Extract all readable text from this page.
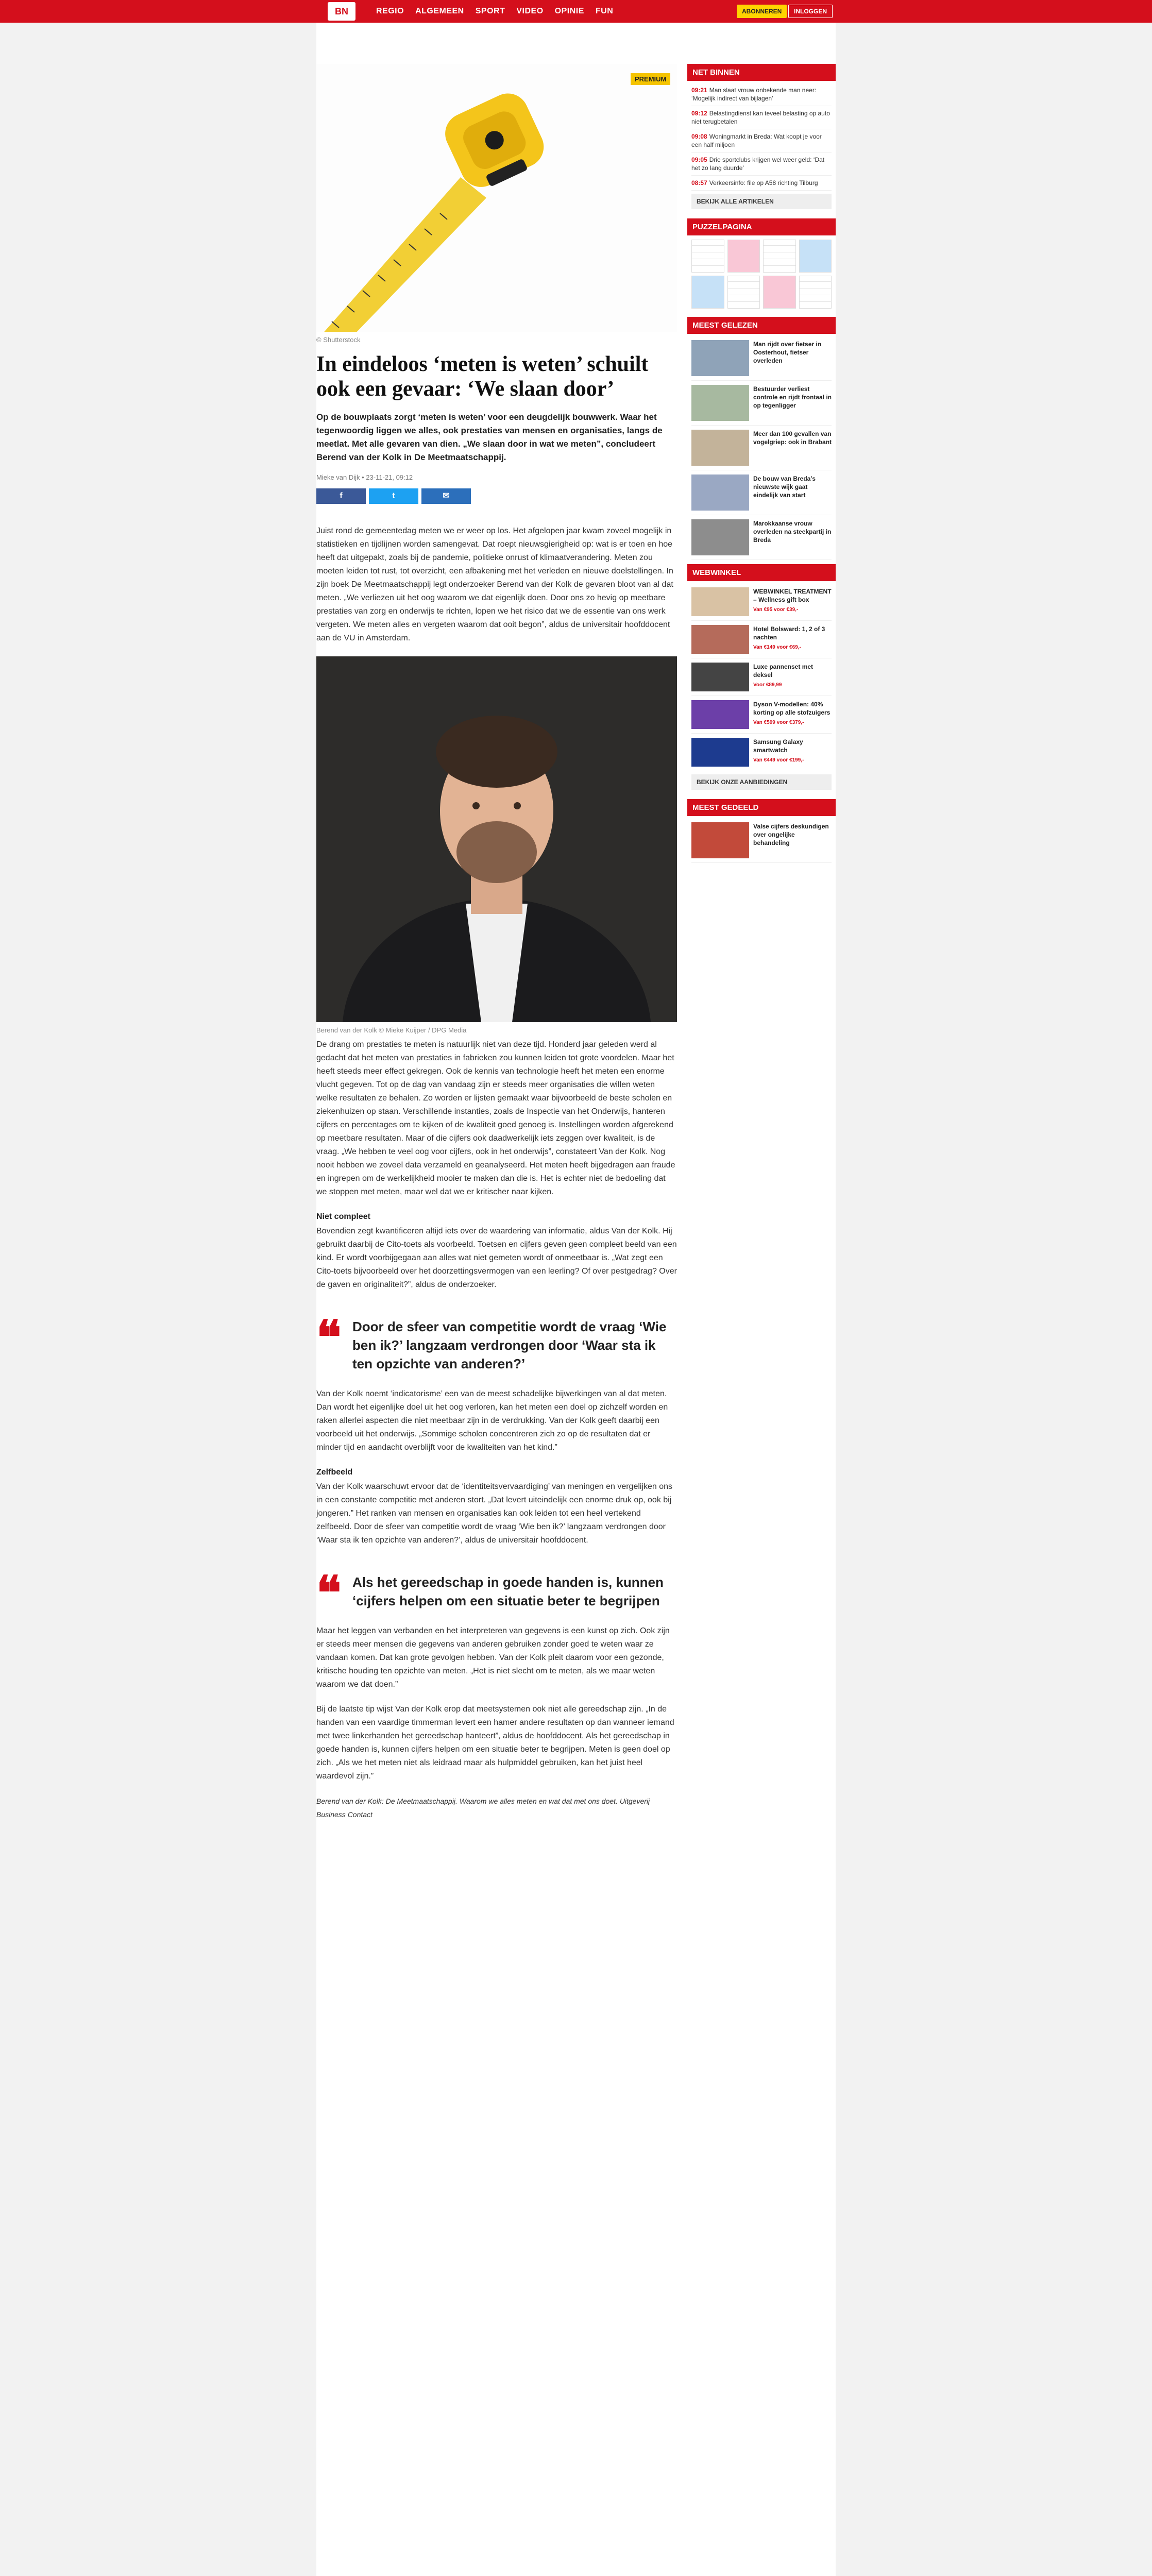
BN	REGIO ALGEMEEN SPORT VIDEO OPINIE FUN	ABONNEREN	INLOGGEN
PREMIUM
© Shutterstock
In eindeloos ‘meten is weten’ schuilt ook een gevaar: ‘We slaan door’

Op de bouwplaats zorgt ‘meten is weten’ voor een deugdelijk bouwwerk. Waar het tegenwoordig liggen we alles, ook prestaties van mensen en organisaties, langs de meetlat. Met alle gevaren van dien. „We slaan door in wat we meten”, concludeert Berend van der Kolk in De Meetmaatschappij.

Mieke van Dijk • 23-11-21, 09:12
f	t	✉

Juist rond de gemeentedag meten we er weer op los. Het afgelopen jaar kwam zoveel mogelijk in statistieken en tijdlijnen worden samengevat. Dat roept nieuwsgierigheid op: wat is er toen en hoe heeft dat uitgepakt, zoals bij de pandemie, politieke onrust of klimaatverandering. Meten zou moeten leiden tot rust, tot overzicht, een afbakening met het verleden en nieuwe doelstellingen. In zijn boek De Meetmaatschappij legt onderzoeker Berend van der Kolk de gevaren bloot van al dat meten. „We verliezen uit het oog waarom we dat eigenlijk doen. Door ons zo hevig op meetbare prestaties van zorg en onderwijs te richten, lopen we het risico dat we de essentie van ons werk vergeten. We meten alles en vergeten waarom dat ooit begon”, aldus de universitair hoofddocent aan de VU in Amsterdam.

Berend van der Kolk © Mieke Kuijper / DPG Media

De drang om prestaties te meten is natuurlijk niet van deze tijd. Honderd jaar geleden werd al gedacht dat het meten van prestaties in fabrieken zou kunnen leiden tot grote voordelen. Maar het heeft steeds meer effect gekregen. Ook de kennis van technologie heeft het meten een enorme vlucht gegeven. Tot op de dag van vandaag zijn er steeds meer organisaties die willen weten welke resultaten ze behalen. Zo worden er lijsten gemaakt waar bijvoorbeeld de beste scholen en ziekenhuizen op staan. Verschillende instanties, zoals de Inspectie van het Onderwijs, hanteren cijfers en percentages om te kijken of de kwaliteit goed genoeg is. Instellingen worden afgerekend op meetbare resultaten. Maar of die cijfers ook daadwerkelijk iets zeggen over kwaliteit, is de vraag. „We hebben te veel oog voor cijfers, ook in het onderwijs”, constateert Van der Kolk. Nog nooit hebben we zoveel data verzameld en geanalyseerd. Het meten heeft bijgedragen aan fraude en ingrepen om de werkelijkheid mooier te maken dan die is. Het is echter niet de bedoeling dat we stoppen met meten, maar wel dat we er kritischer naar kijken.

Niet compleet

Bovendien zegt kwantificeren altijd iets over de waardering van informatie, aldus Van der Kolk. Hij gebruikt daarbij de Cito-toets als voorbeeld. Toetsen en cijfers geven geen compleet beeld van een kind. Er wordt voorbijgegaan aan alles wat niet gemeten wordt of onmeetbaar is. „Wat zegt een Cito-toets bijvoorbeeld over het doorzettingsvermogen van een leerling? Of over pestgedrag? Over de gaven en originaliteit?”, aldus de onderzoeker.

❝ Door de sfeer van competitie wordt de vraag ‘Wie ben ik?’ langzaam verdrongen door ‘Waar sta ik ten opzichte van anderen?’

Van der Kolk noemt ‘indicatorisme’ een van de meest schadelijke bijwerkingen van al dat meten. Dan wordt het eigenlijke doel uit het oog verloren, kan het meten een doel op zichzelf worden en raken allerlei aspecten die niet meetbaar zijn in de verdrukking. Van der Kolk geeft daarbij een voorbeeld uit het onderwijs. „Sommige scholen concentreren zich zo op de resultaten dat er minder tijd en aandacht overblijft voor de kwaliteiten van het kind.”

Zelfbeeld

Van der Kolk waarschuwt ervoor dat de ‘identiteitsvervaardiging’ van meningen en vergelijken ons in een constante competitie met anderen stort. „Dat levert uiteindelijk een enorme druk op, ook bij jongeren.” Het ranken van mensen en organisaties kan ook leiden tot een heel vertekend zelfbeeld. Door de sfeer van competitie wordt de vraag ‘Wie ben ik?’ langzaam verdrongen door ‘Waar sta ik ten opzichte van anderen?’, aldus de universitair hoofddocent.

❝ Als het gereedschap in goede handen is, kunnen ‘cijfers helpen om een situatie beter te begrijpen

Maar het leggen van verbanden en het interpreteren van gegevens is een kunst op zich. Ook zijn er steeds meer mensen die gegevens van anderen gebruiken zonder goed te weten waar ze vandaan komen. Dat kan grote gevolgen hebben. Van der Kolk pleit daarom voor een gezonde, kritische houding ten opzichte van meten. „Het is niet slecht om te meten, als we maar weten waarom we dat doen.”

Bij de laatste tip wijst Van der Kolk erop dat meetsystemen ook niet alle gereedschap zijn. „In de handen van een vaardige timmerman levert een hamer andere resultaten op dan wanneer iemand met twee linkerhanden het gereedschap hanteert”, aldus de hoofddocent. Als het gereedschap in goede handen is, kunnen cijfers helpen om een situatie beter te begrijpen. Meten is geen doel op zich. „Als we het meten niet als leidraad maar als hulpmiddel gebruiken, kan het juist heel waardevol zijn.”

Berend van der Kolk: De Meetmaatschappij. Waarom we alles meten en wat dat met ons doet. Uitgeverij Business Contact

NET BINNEN
09:21 Man slaat vrouw onbekende man neer: ‘Mogelijk indirect van bijlagen’
09:12 Belastingdienst kan teveel belasting op auto niet terugbetalen
09:08 Woningmarkt in Breda: Wat koopt je voor een half miljoen
09:05 Drie sportclubs krijgen wel weer geld: ‘Dat het zo lang duurde’
08:57 Verkeersinfo: file op A58 richting Tilburg
BEKIJK ALLE ARTIKELEN
PUZZELPAGINA
MEEST GELEZEN
Man rijdt over fietser in Oosterhout, fietser overleden
Bestuurder verliest controle en rijdt frontaal in op tegenligger
Meer dan 100 gevallen van vogelgriep: ook in Brabant
De bouw van Breda’s nieuwste wijk gaat eindelijk van start
Marokkaanse vrouw overleden na steekpartij in Breda
WEBWINKEL
WEBWINKEL TREATMENT – Wellness gift box
Van €95 voor €39,-
Hotel Bolsward: 1, 2 of 3 nachten
Van €149 voor €69,-
Luxe pannenset met deksel
Voor €89,99
Dyson V-modellen: 40% korting op alle stofzuigers
Van €599 voor €379,-
Samsung Galaxy smartwatch
Van €449 voor €199,-
BEKIJK ONZE AANBIEDINGEN
MEEST GEDEELD
Valse cijfers deskundigen over ongelijke behandeling
